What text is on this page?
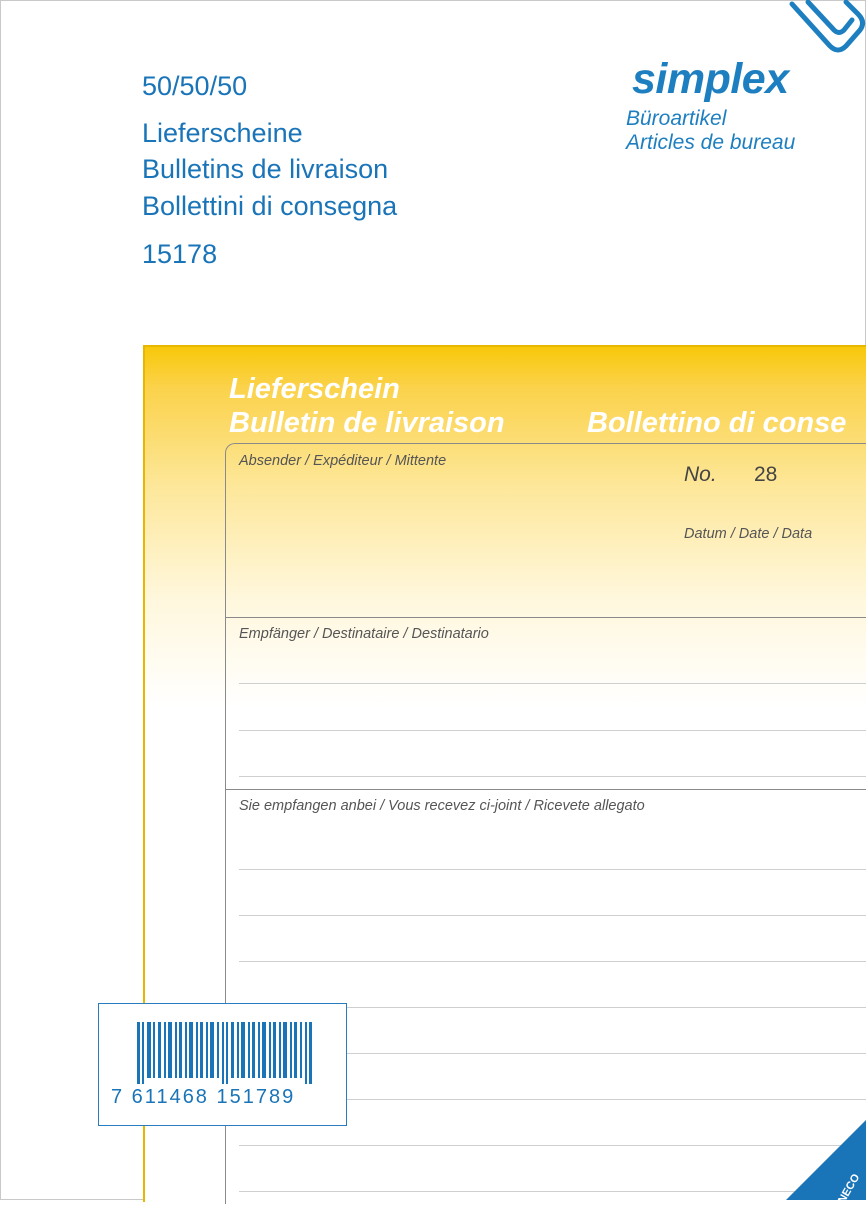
50/50/50
Lieferscheine
Bulletins de livraison
Bollettini di consegna
15178
simplex
Büroartikel
Articles de bureau
Lieferschein
Bulletin de livraison	Bollettino di conse
Absender / Expéditeur / Mittente
No. 28
Datum / Date / Data
Empfänger / Destinataire / Destinatario
Sie empfangen anbei / Vous recevez ci-joint / Ricevete allegato
7 611468 151789
ONECO
